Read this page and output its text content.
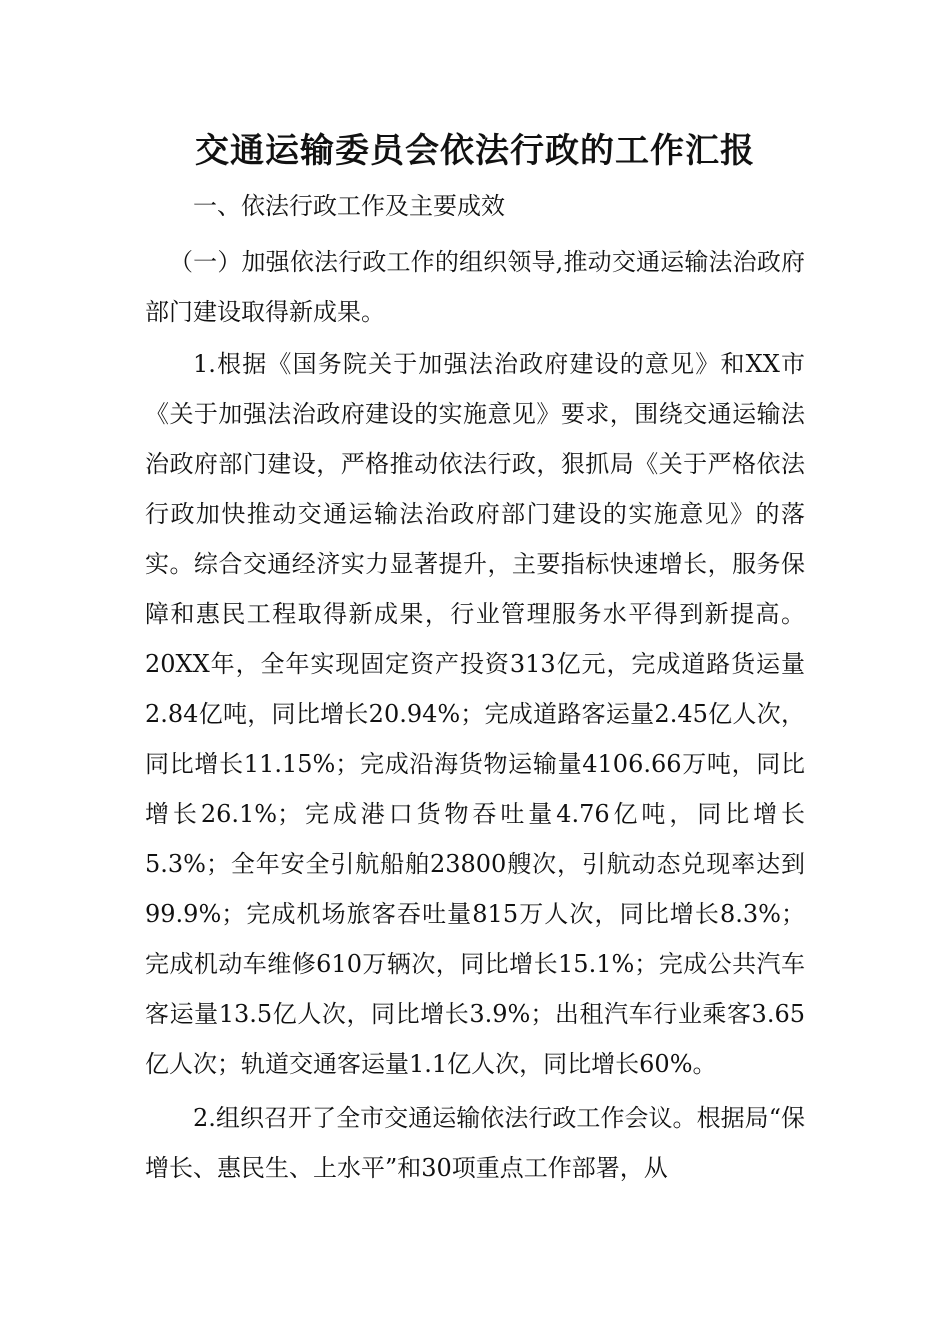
交通运输委员会依法行政的工作汇报

一、依法行政工作及主要成效

（一）加强依法行政工作的组织领导,推动交通运输法治政府部门建设取得新成果。

1.根据《国务院关于加强法治政府建设的意见》和XX市《关于加强法治政府建设的实施意见》要求，围绕交通运输法治政府部门建设，严格推动依法行政，狠抓局《关于严格依法行政加快推动交通运输法治政府部门建设的实施意见》的落实。综合交通经济实力显著提升，主要指标快速增长，服务保障和惠民工程取得新成果，行业管理服务水平得到新提高。20XX年，全年实现固定资产投资313亿元，完成道路货运量2.84亿吨，同比增长20.94%；完成道路客运量2.45亿人次，同比增长11.15%；完成沿海货物运输量4106.66万吨，同比增长26.1%；完成港口货物吞吐量4.76亿吨，同比增长5.3%；全年安全引航船舶23800艘次，引航动态兑现率达到99.9%；完成机场旅客吞吐量815万人次，同比增长8.3%；完成机动车维修610万辆次，同比增长15.1%；完成公共汽车客运量13.5亿人次，同比增长3.9%；出租汽车行业乘客3.65亿人次；轨道交通客运量1.1亿人次，同比增长60%。

2.组织召开了全市交通运输依法行政工作会议。根据局“保增长、惠民生、上水平”和30项重点工作部署，从
